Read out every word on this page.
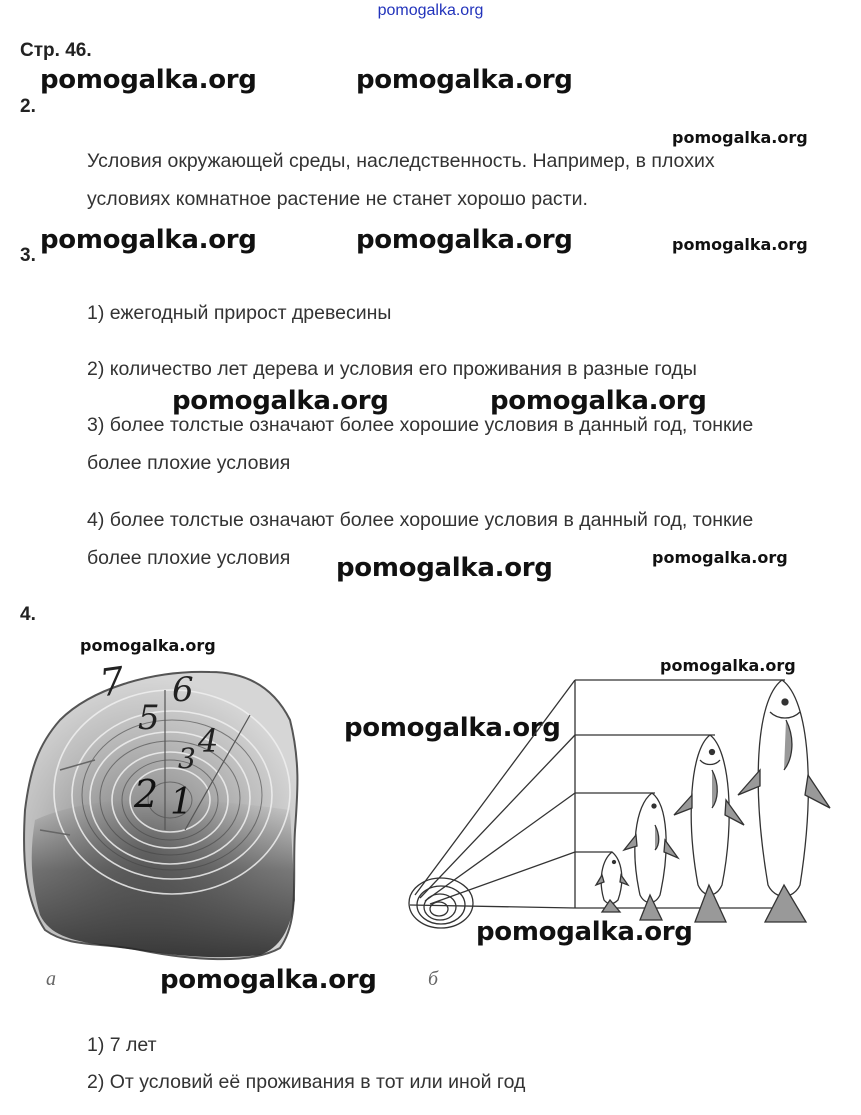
pomogalka.org
Стр. 46.
pomogalka.org	pomogalka.org
2.
pomogalka.org
Условия окружающей среды, наследственность. Например, в плохих
условиях комнатное растение не станет хорошо расти.
pomogalka.org	pomogalka.org	pomogalka.org
3.
1) ежегодный прирост древесины
2) количество лет дерева и условия его проживания в разные годы
pomogalka.org	pomogalka.org
3) более толстые означают более хорошие условия в данный год, тонкие
более плохие условия
4) более толстые означают более хорошие условия в данный год, тонкие
более плохие условия	pomogalka.org
pomogalka.org
4.
pomogalka.org
pomogalka.org
7 6
5
4
3
2 1
pomogalka.org
pomogalka.org
а	б
pomogalka.org
1) 7 лет
2) От условий её проживания в тот или иной год
